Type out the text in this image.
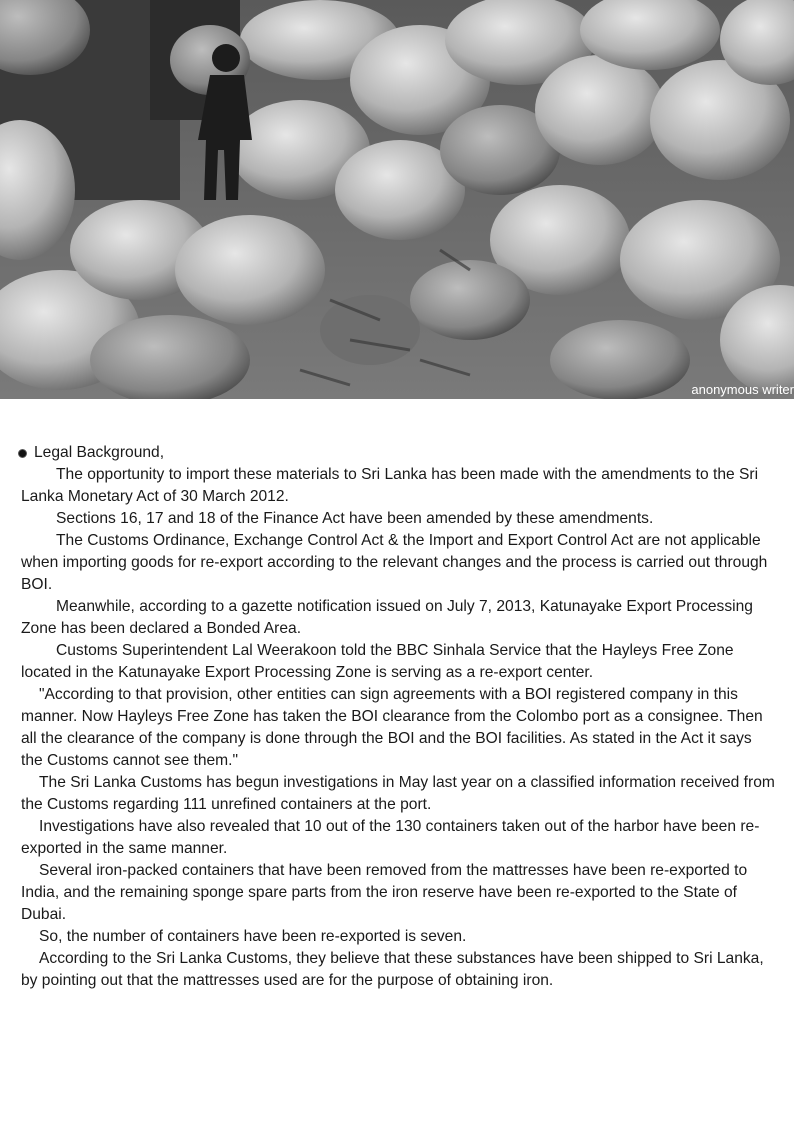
anonymous writer

Legal Background,

The opportunity to import these materials to Sri Lanka has been made with the amendments to the Sri Lanka Monetary Act of 30 March 2012.

Sections 16, 17 and 18 of the Finance Act have been amended by these amendments.

The Customs Ordinance, Exchange Control Act & the Import and Export Control Act are not applicable when importing goods for re-export according to the relevant changes and the process is carried out through BOI.

Meanwhile, according to a gazette notification issued on July 7, 2013, Katunayake Export Processing Zone has been declared a Bonded Area.

Customs Superintendent Lal Weerakoon told the BBC Sinhala Service that the Hayleys Free Zone located in the Katunayake Export Processing Zone is serving as a re-export center.

"According to that provision, other entities can sign agreements with a BOI registered company in this manner. Now Hayleys Free Zone has taken the BOI clearance from the Colombo port as a consignee. Then all the clearance of the company is done through the BOI and the BOI facilities. As stated in the Act it says the Customs cannot see them."

The Sri Lanka Customs has begun investigations in May last year on a classified information received from the Customs regarding 111 unrefined containers at the port.

Investigations have also revealed that 10 out of the 130 containers taken out of the harbor have been re-exported in the same manner.

Several iron-packed containers that have been removed from the mattresses have been re-exported to India, and the remaining sponge spare parts from the iron reserve have been re-exported to the State of Dubai.

So, the number of containers have been re-exported is seven.

According to the Sri Lanka Customs, they believe that these substances have been shipped to Sri Lanka, by pointing out that the mattresses used are for the purpose of obtaining iron.
